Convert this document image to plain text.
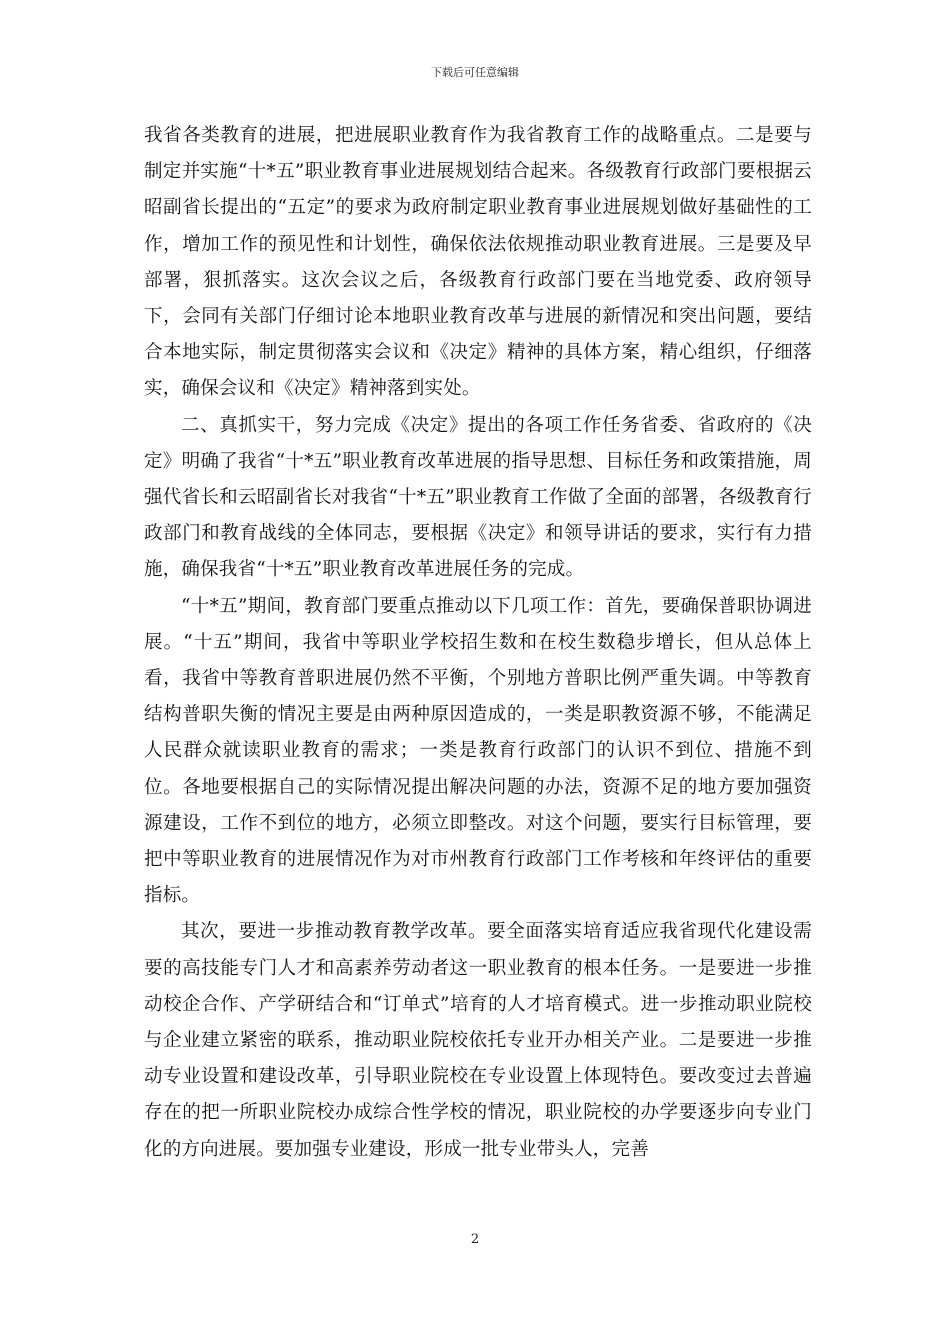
下载后可任意编辑

我省各类教育的进展，把进展职业教育作为我省教育工作的战略重点。二是要与制定并实施“十*五”职业教育事业进展规划结合起来。各级教育行政部门要根据云昭副省长提出的“五定”的要求为政府制定职业教育事业进展规划做好基础性的工作，增加工作的预见性和计划性，确保依法依规推动职业教育进展。三是要及早部署，狠抓落实。这次会议之后，各级教育行政部门要在当地党委、政府领导下，会同有关部门仔细讨论本地职业教育改革与进展的新情况和突出问题，要结合本地实际，制定贯彻落实会议和《决定》精神的具体方案，精心组织，仔细落实，确保会议和《决定》精神落到实处。

二、真抓实干，努力完成《决定》提出的各项工作任务省委、省政府的《决定》明确了我省“十*五”职业教育改革进展的指导思想、目标任务和政策措施，周强代省长和云昭副省长对我省“十*五”职业教育工作做了全面的部署，各级教育行政部门和教育战线的全体同志，要根据《决定》和领导讲话的要求，实行有力措施，确保我省“十*五”职业教育改革进展任务的完成。

“十*五”期间，教育部门要重点推动以下几项工作：首先，要确保普职协调进展。“十五”期间，我省中等职业学校招生数和在校生数稳步增长，但从总体上看，我省中等教育普职进展仍然不平衡，个别地方普职比例严重失调。中等教育结构普职失衡的情况主要是由两种原因造成的，一类是职教资源不够，不能满足人民群众就读职业教育的需求；一类是教育行政部门的认识不到位、措施不到位。各地要根据自己的实际情况提出解决问题的办法，资源不足的地方要加强资源建设，工作不到位的地方，必须立即整改。对这个问题，要实行目标管理，要把中等职业教育的进展情况作为对市州教育行政部门工作考核和年终评估的重要指标。

其次，要进一步推动教育教学改革。要全面落实培育适应我省现代化建设需要的高技能专门人才和高素养劳动者这一职业教育的根本任务。一是要进一步推动校企合作、产学研结合和“订单式”培育的人才培育模式。进一步推动职业院校与企业建立紧密的联系，推动职业院校依托专业开办相关产业。二是要进一步推动专业设置和建设改革，引导职业院校在专业设置上体现特色。要改变过去普遍存在的把一所职业院校办成综合性学校的情况，职业院校的办学要逐步向专业门化的方向进展。要加强专业建设，形成一批专业带头人，完善

2
